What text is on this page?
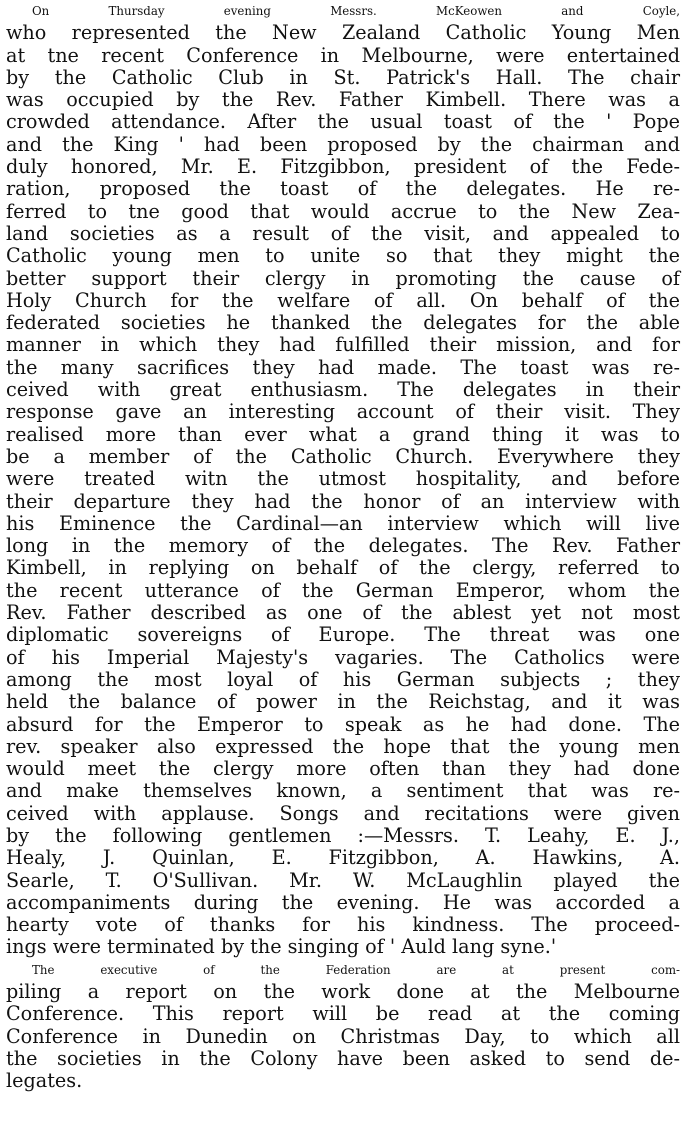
On Thursday evening Messrs. McKeowen and Coyle,
who represented the New Zealand Catholic Young Men
at tne recent Conference in Melbourne, were entertained
by the Catholic Club in St. Patrick's Hall. The chair
was occupied by the Rev. Father Kimbell. There was a
crowded attendance. After the usual toast of the ' Pope
and the King ' had been proposed by the chairman and
duly honored, Mr. E. Fitzgibbon, president of the Fede-
ration, proposed the toast of the delegates. He re-
ferred to tne good that would accrue to the New Zea-
land societies as a result of the visit, and appealed to
Catholic young men to unite so that they might the
better support their clergy in promoting the cause of
Holy Church for the welfare of all. On behalf of the
federated societies he thanked the delegates for the able
manner in which they had fulfilled their mission, and for
the many sacrifices they had made. The toast was re-
ceived with great enthusiasm. The delegates in their
response gave an interesting account of their visit. They
realised more than ever what a grand thing it was to
be a member of the Catholic Church. Everywhere they
were treated witn the utmost hospitality, and before
their departure they had the honor of an interview with
his Eminence the Cardinal—an interview which will live
long in the memory of the delegates. The Rev. Father
Kimbell, in replying on behalf of the clergy, referred to
the recent utterance of the German Emperor, whom the
Rev. Father described as one of the ablest yet not most
diplomatic sovereigns of Europe. The threat was one
of his Imperial Majesty's vagaries. The Catholics were
among the most loyal of his German subjects ; they
held the balance of power in the Reichstag, and it was
absurd for the Emperor to speak as he had done. The
rev. speaker also expressed the hope that the young men
would meet the clergy more often than they had done
and make themselves known, a sentiment that was re-
ceived with applause. Songs and recitations were given
by the following gentlemen :—Messrs. T. Leahy, E. J.,
Healy, J. Quinlan, E. Fitzgibbon, A. Hawkins, A.
Searle, T. O'Sullivan. Mr. W. McLaughlin played the
accompaniments during the evening. He was accorded a
hearty vote of thanks for his kindness. The proceed-
ings were terminated by the singing of ' Auld lang syne.'
The executive of the Federation are at present com-
piling a report on the work done at the Melbourne
Conference. This report will be read at the coming
Conference in Dunedin on Christmas Day, to which all
the societies in the Colony have been asked to send de-
legates.
